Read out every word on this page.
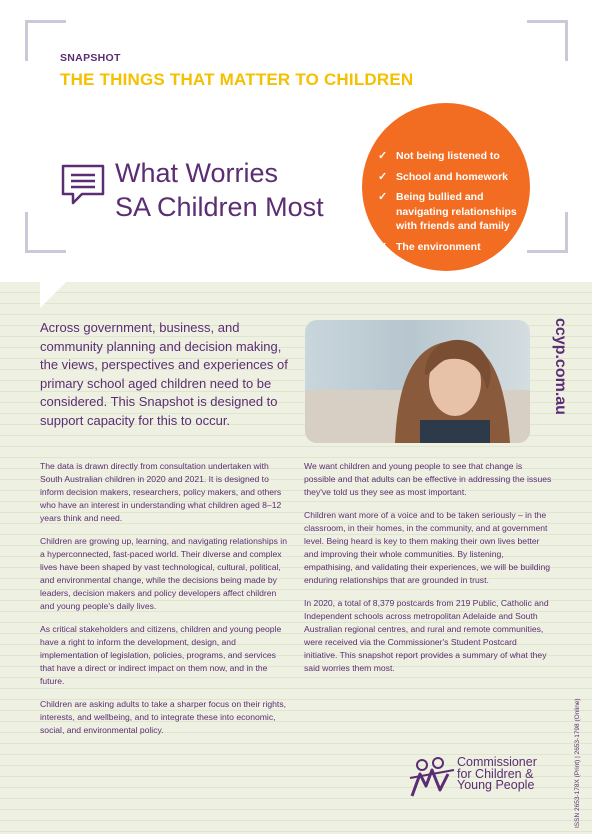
SNAPSHOT
THE THINGS THAT MATTER TO CHILDREN
What Worries
SA Children Most
✓ Not being listened to
✓ School and homework
✓ Being bullied and navigating relationships with friends and family
✓ The environment
Across government, business, and community planning and decision making, the views, perspectives and experiences of primary school aged children need to be considered. This Snapshot is designed to support capacity for this to occur.
ccyp.com.au

The data is drawn directly from consultation undertaken with South Australian children in 2020 and 2021. It is designed to inform decision makers, researchers, policy makers, and others who have an interest in understanding what children aged 8–12 years think and need.

Children are growing up, learning, and navigating relationships in a hyperconnected, fast-paced world. Their diverse and complex lives have been shaped by vast technological, cultural, political, and environmental change, while the decisions being made by leaders, decision makers and policy developers affect children and young people's daily lives.

As critical stakeholders and citizens, children and young people have a right to inform the development, design, and implementation of legislation, policies, programs, and services that have a direct or indirect impact on them now, and in the future.

Children are asking adults to take a sharper focus on their rights, interests, and wellbeing, and to integrate these into economic, social, and environmental policy.

We want children and young people to see that change is possible and that adults can be effective in addressing the issues they've told us they see as most important.

Children want more of a voice and to be taken seriously – in the classroom, in their homes, in the community, and at government level. Being heard is key to them making their own lives better and improving their whole communities. By listening, empathising, and validating their experiences, we will be building enduring relationships that are grounded in trust.

In 2020, a total of 8,379 postcards from 219 Public, Catholic and Independent schools across metropolitan Adelaide and South Australian regional centres, and rural and remote communities, were received via the Commissioner's Student Postcard initiative. This snapshot report provides a summary of what they said worries them most.

Commissioner
for Children &
Young People	ISSN 2653-178X (Print) | 2653-1798 (Online)
